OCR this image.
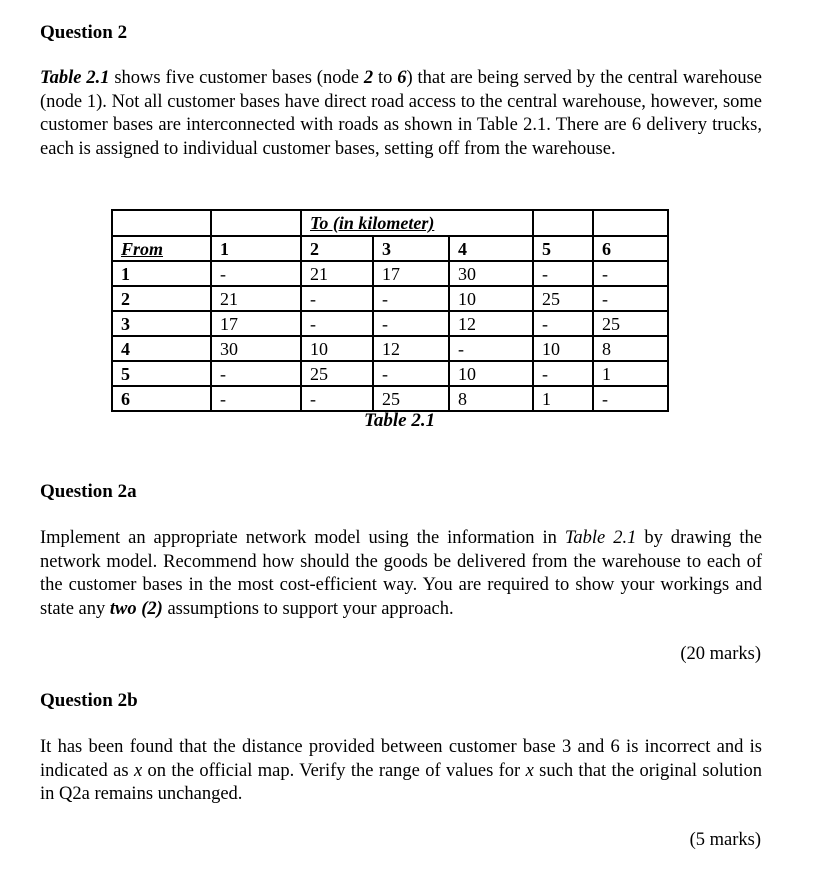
Question 2
Table 2.1 shows five customer bases (node 2 to 6) that are being served by the central warehouse (node 1). Not all customer bases have direct road access to the central warehouse, however, some customer bases are interconnected with roads as shown in Table 2.1. There are 6 delivery trucks, each is assigned to individual customer bases, setting off from the warehouse.
		To (in kilometer)				
From	1	2	3	4	5	6
1	-	21	17	30	-	-
2	21	-	-	10	25	-
3	17	-	-	12	-	25
4	30	10	12	-	10	8
5	-	25	-	10	-	1
6	-	-	25	8	1	-
Table 2.1
Question 2a
Implement an appropriate network model using the information in Table 2.1 by drawing the network model. Recommend how should the goods be delivered from the warehouse to each of the customer bases in the most cost-efficient way. You are required to show your workings and state any two (2) assumptions to support your approach.
(20 marks)
Question 2b
It has been found that the distance provided between customer base 3 and 6 is incorrect and is indicated as x on the official map. Verify the range of values for x such that the original solution in Q2a remains unchanged.
(5 marks)
